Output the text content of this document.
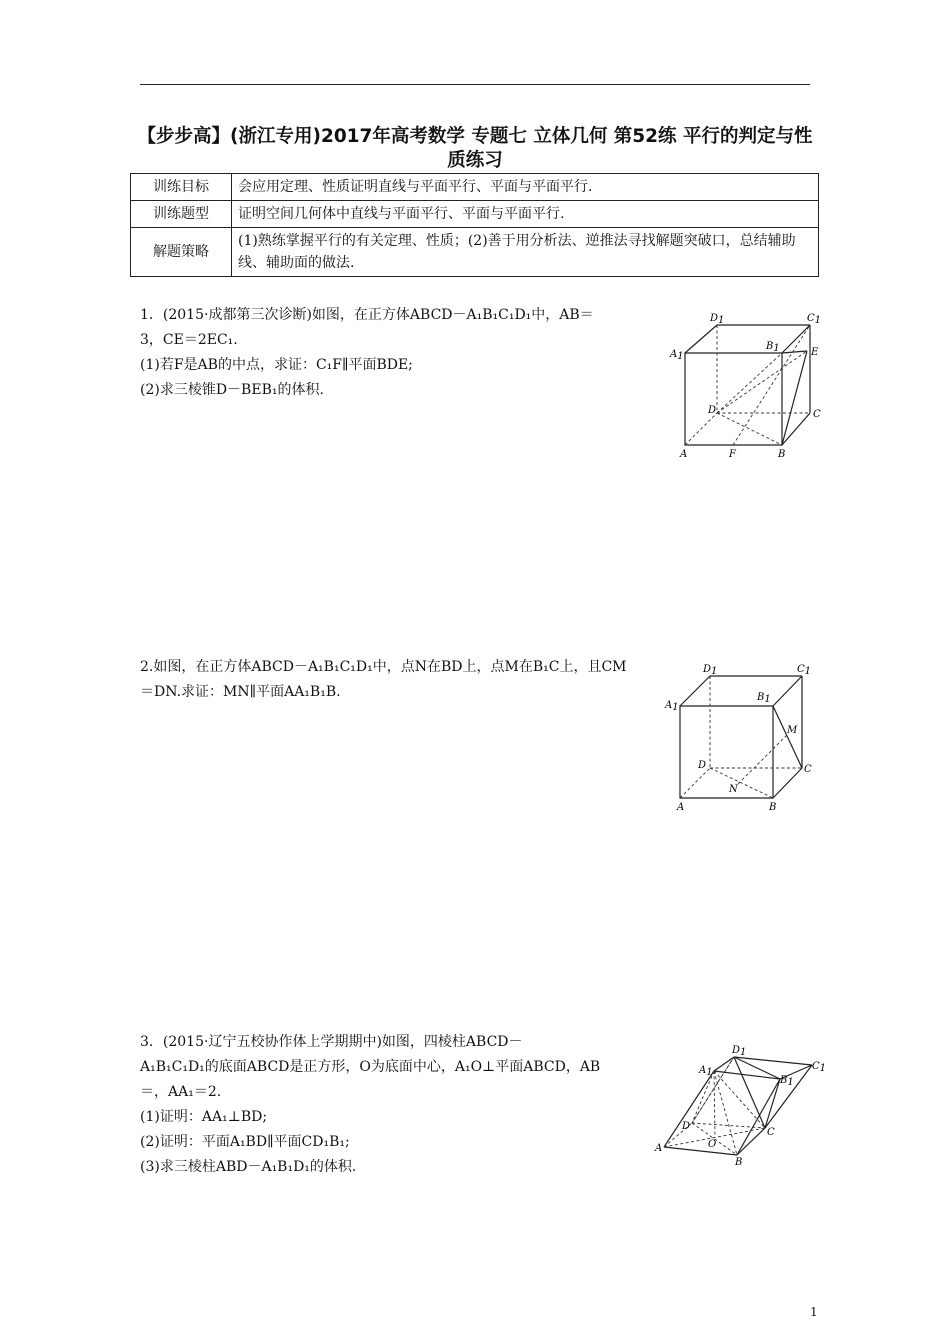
【步步高】(浙江专用)2017年高考数学 专题七 立体几何 第52练 平行的判定与性质练习
训练目标	会应用定理、性质证明直线与平面平行、平面与平面平行.
训练题型	证明空间几何体中直线与平面平行、平面与平面平行.
解题策略	(1)熟练掌握平行的有关定理、性质；(2)善于用分析法、逆推法寻找解题突破口，总结辅助线、辅助面的做法.

1．(2015·成都第三次诊断)如图，在正方体ABCD－A₁B₁C₁D₁中，AB＝

3，CE＝2EC₁.

(1)若F是AB的中点，求证：C₁F∥平面BDE;

(2)求三棱锥D－BEB₁的体积.

D1	C1
A1
B1	E
D	C
A	F	B

2.如图，在正方体ABCD－A₁B₁C₁D₁中，点N在BD上，点M在B₁C上，且CM

＝DN.求证：MN∥平面AA₁B₁B.

D1	C1
A1
B1
M
D	C
N
A	B

3．(2015·辽宁五校协作体上学期期中)如图，四棱柱ABCD－

A₁B₁C₁D₁的底面ABCD是正方形，O为底面中心，A₁O⊥平面ABCD，AB

＝，AA₁＝2.

(1)证明：AA₁⊥BD;

(2)证明：平面A₁BD∥平面CD₁B₁;

(3)求三棱柱ABD－A₁B₁D₁的体积.

D1
C1
A1
B1
D
C
O
A
B
1
